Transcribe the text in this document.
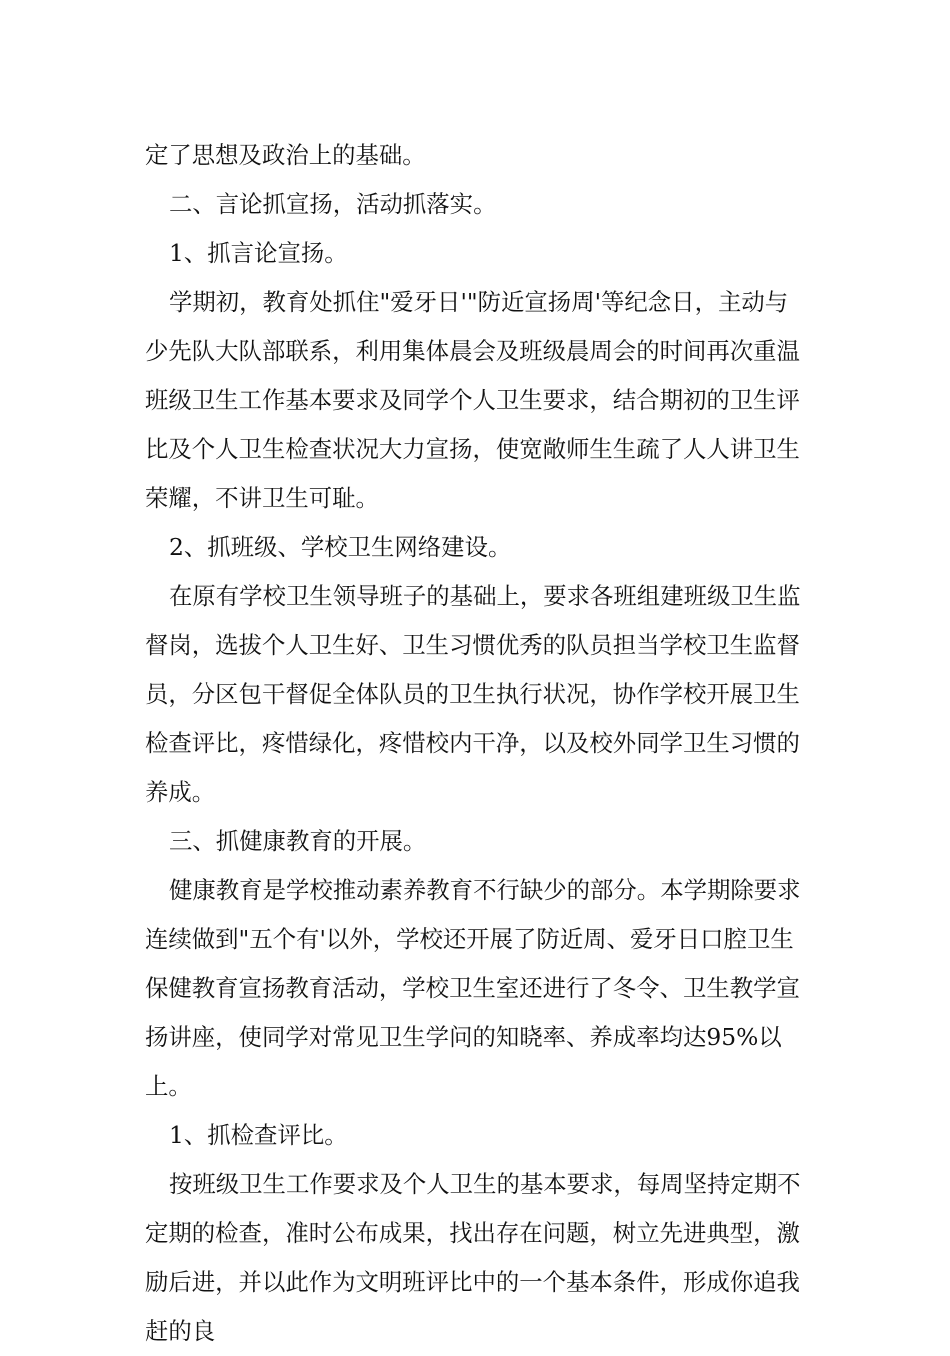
定了思想及政治上的基础。

二、言论抓宣扬，活动抓落实。

1、抓言论宣扬。

学期初，教育处抓住"爱牙日'"防近宣扬周'等纪念日，主动与少先队大队部联系，利用集体晨会及班级晨周会的时间再次重温班级卫生工作基本要求及同学个人卫生要求，结合期初的卫生评比及个人卫生检查状况大力宣扬，使宽敞师生生疏了人人讲卫生荣耀，不讲卫生可耻。

2、抓班级、学校卫生网络建设。

在原有学校卫生领导班子的基础上，要求各班组建班级卫生监督岗，选拔个人卫生好、卫生习惯优秀的队员担当学校卫生监督员，分区包干督促全体队员的卫生执行状况，协作学校开展卫生检查评比，疼惜绿化，疼惜校内干净，以及校外同学卫生习惯的养成。

三、抓健康教育的开展。

健康教育是学校推动素养教育不行缺少的部分。本学期除要求连续做到"五个有'以外，学校还开展了防近周、爱牙日口腔卫生保健教育宣扬教育活动，学校卫生室还进行了冬令、卫生教学宣扬讲座，使同学对常见卫生学问的知晓率、养成率均达95%以上。

1、抓检查评比。

按班级卫生工作要求及个人卫生的基本要求，每周坚持定期不定期的检查，准时公布成果，找出存在问题，树立先进典型，激励后进，并以此作为文明班评比中的一个基本条件，形成你追我赶的良
